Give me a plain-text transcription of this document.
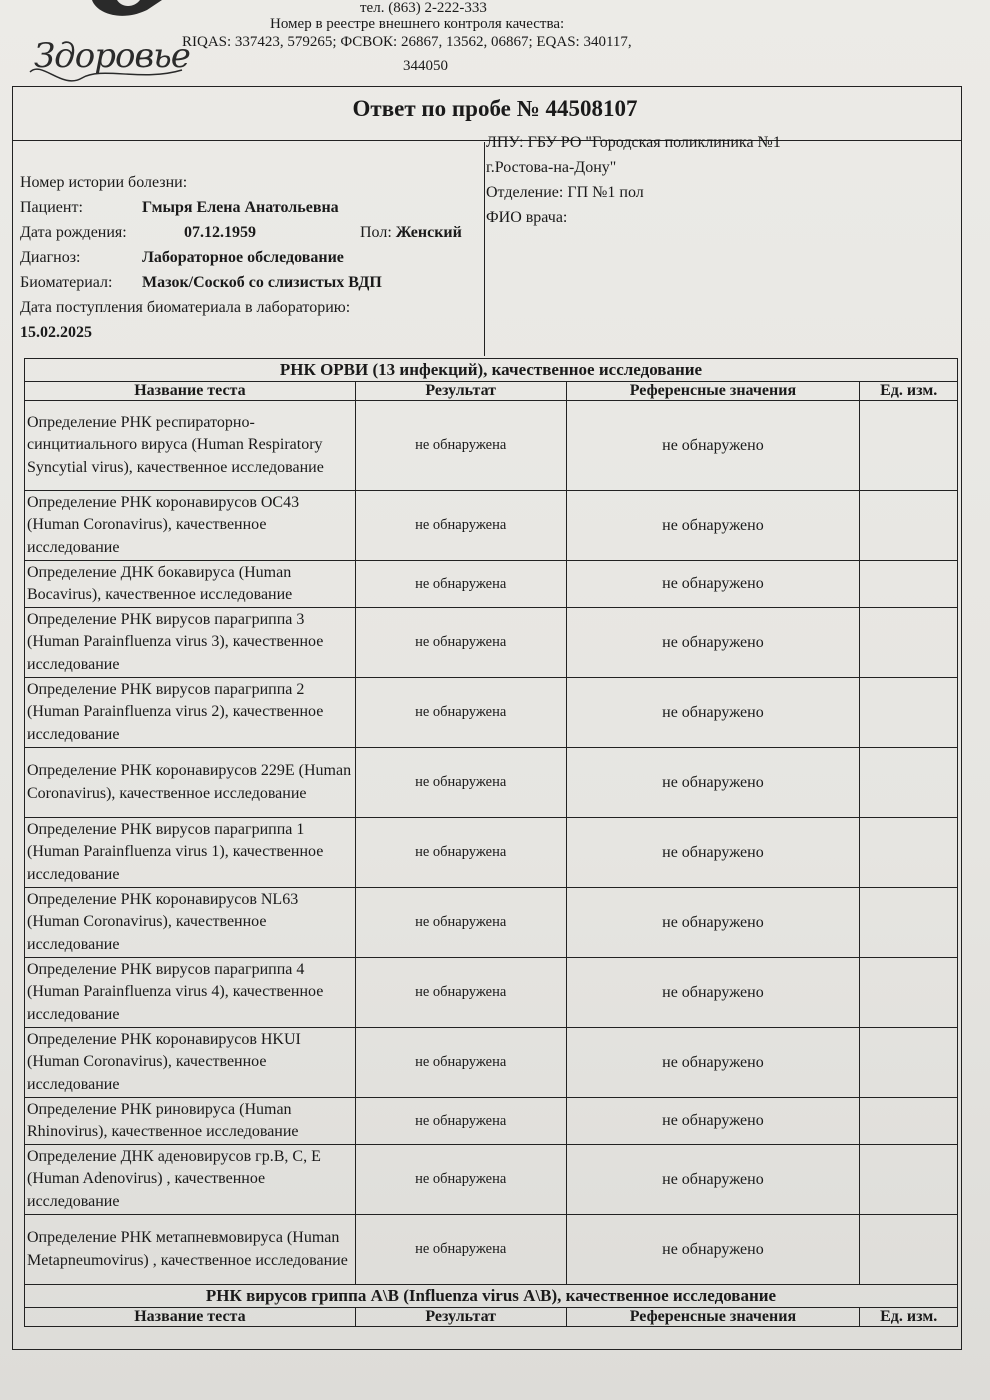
Здоровье
тел. (863) 2-222-333
Номер в реестре внешнего контроля качества:
RIQAS: 337423, 579265; ФСВОК: 26867, 13562, 06867; EQAS: 340117,
344050
Ответ по пробе № 44508107
Номер истории болезни:
Пациент:	Гмыря Елена Анатольевна
Дата рождения:	07.12.1959	Пол: Женский
Диагноз:	Лабораторное обследование
Биоматериал: Мазок/Соскоб со слизистых ВДП
Дата поступления биоматериала в лабораторию:
15.02.2025
ЛПУ: ГБУ РО "Городская поликлиника №1
г.Ростова-на-Дону"
Отделение: ГП №1 пол
ФИО врача:
РНК ОРВИ (13 инфекций), качественное исследование			
Название теста	Результат	Референсные значения	Ед. изм.
Определение РНК респираторно-синцитиального вируса (Human Respiratory Syncytial virus), качественное исследование	не обнаружена	не обнаружено	
Определение РНК коронавирусов OC43 (Human Coronavirus), качественное исследование	не обнаружена	не обнаружено	
Определение ДНК бокавируса (Human Bocavirus), качественное исследование	не обнаружена	не обнаружено	
Определение РНК вирусов парагриппа 3 (Human Parainfluenza virus 3), качественное исследование	не обнаружена	не обнаружено	
Определение РНК вирусов парагриппа 2 (Human Parainfluenza virus 2), качественное исследование	не обнаружена	не обнаружено	
Определение РНК коронавирусов 229E (Human Coronavirus), качественное исследование	не обнаружена	не обнаружено	
Определение РНК вирусов парагриппа 1 (Human Parainfluenza virus 1), качественное исследование	не обнаружена	не обнаружено	
Определение РНК коронавирусов NL63 (Human Coronavirus), качественное исследование	не обнаружена	не обнаружено	
Определение РНК вирусов парагриппа 4 (Human Parainfluenza virus 4), качественное исследование	не обнаружена	не обнаружено	
Определение РНК коронавирусов HKUI (Human Coronavirus), качественное исследование	не обнаружена	не обнаружено	
Определение РНК риновируса (Human Rhinovirus), качественное исследование	не обнаружена	не обнаружено	
Определение ДНК аденовирусов гр.В, С, Е (Human Adenovirus) , качественное исследование	не обнаружена	не обнаружено	
Определение РНК метапневмовируса (Human Metapneumovirus) , качественное исследование	не обнаружена	не обнаружено	
РНК вирусов гриппа А\В (Influenza virus А\В), качественное исследование			
Название теста	Результат	Референсные значения	Ед. изм.
